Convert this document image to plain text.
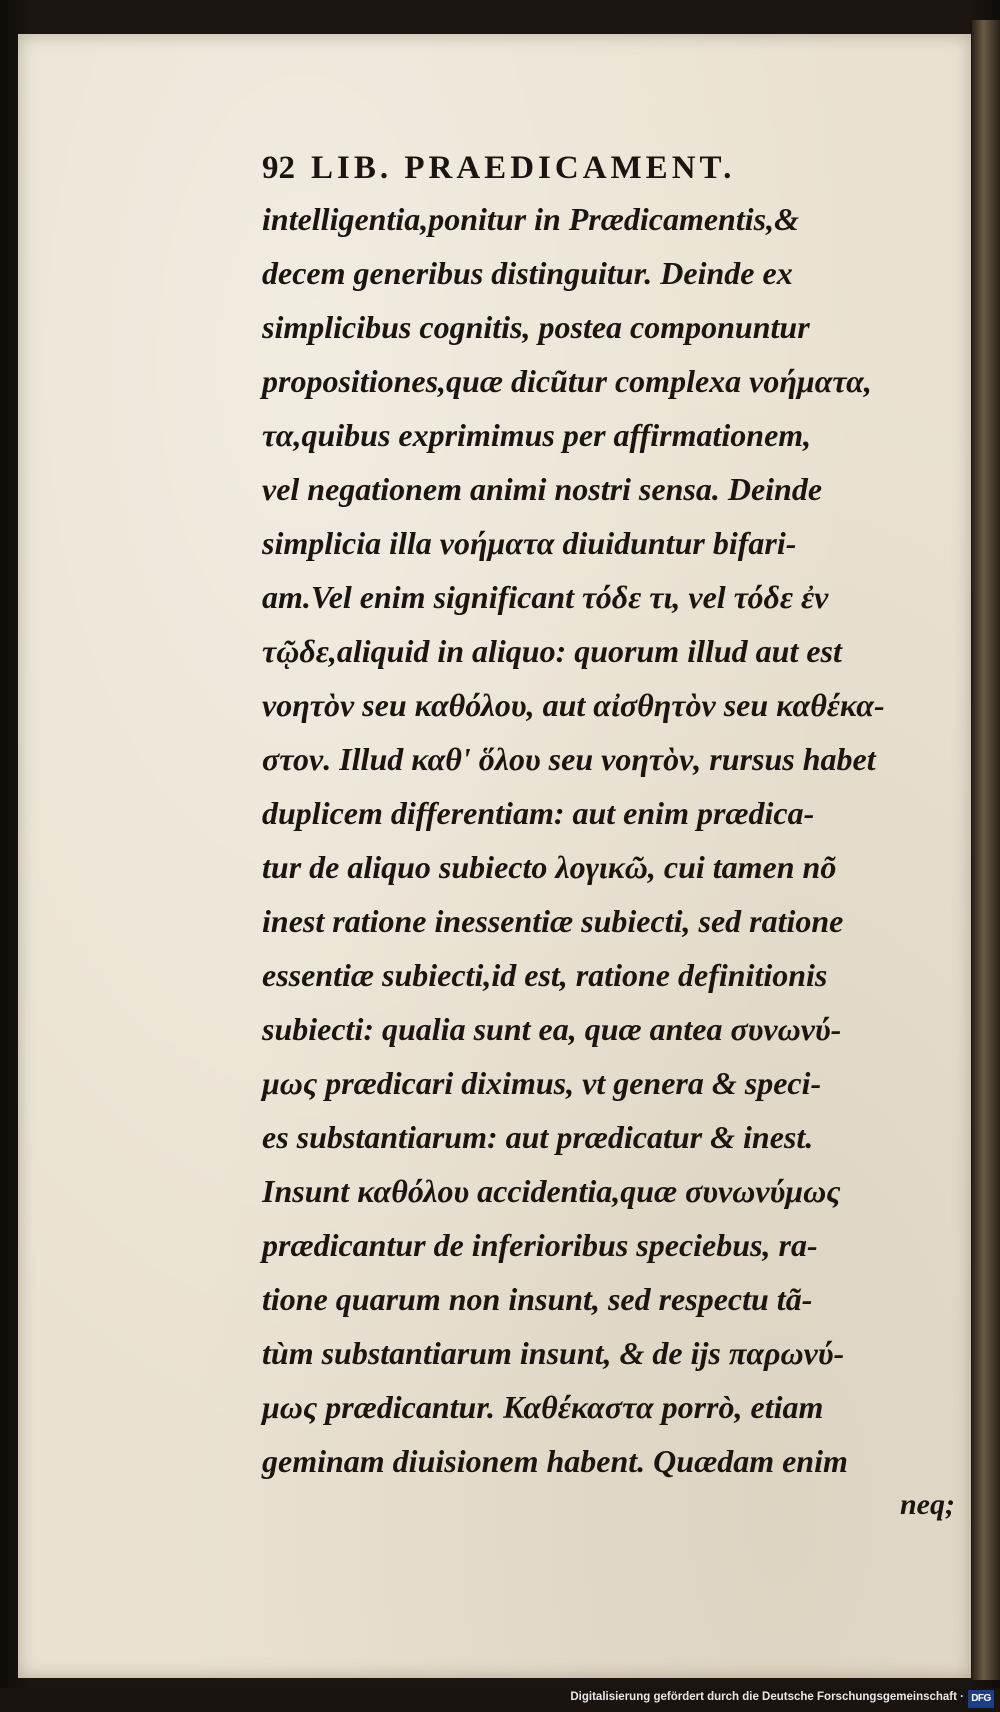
92 LIB. PRAEDICAMENT.
intelligentia,ponitur in Prædicamentis,&
decem generibus distinguitur. Deinde ex
simplicibus cognitis, postea componuntur
propositiones,quæ dicũtur complexa νοήματα,
τα,quibus exprimimus per affirmationem,
vel negationem animi nostri sensa. Deinde
simplicia illa νοήματα diuiduntur bifari-
am.Vel enim significant τόδε τι, vel τόδε ἐν
τῷδε,aliquid in aliquo: quorum illud aut est
νοητὸν seu καθόλου, aut αἰσθητὸν seu καθέκα-
στον. Illud καθ' ὅλου seu νοητὸν, rursus habet
duplicem differentiam: aut enim prædica-
tur de aliquo subiecto λογικῶ, cui tamen nõ
inest ratione inessentiæ subiecti, sed ratione
essentiæ subiecti,id est, ratione definitionis
subiecti: qualia sunt ea, quæ antea συνωνύ-
μως prædicari diximus, vt genera & speci-
es substantiarum: aut prædicatur & inest.
Insunt καθόλου accidentia,quæ συνωνύμως
prædicantur de inferioribus speciebus, ra-
tione quarum non insunt, sed respectu tã-
tùm substantiarum insunt, & de ijs παρωνύ-
μως prædicantur. Καθέκαστα porrò, etiam
geminam diuisionem habent. Quædam enim
neq;
Digitalisierung gefördert durch die Deutsche Forschungsgemeinschaft · DFG
